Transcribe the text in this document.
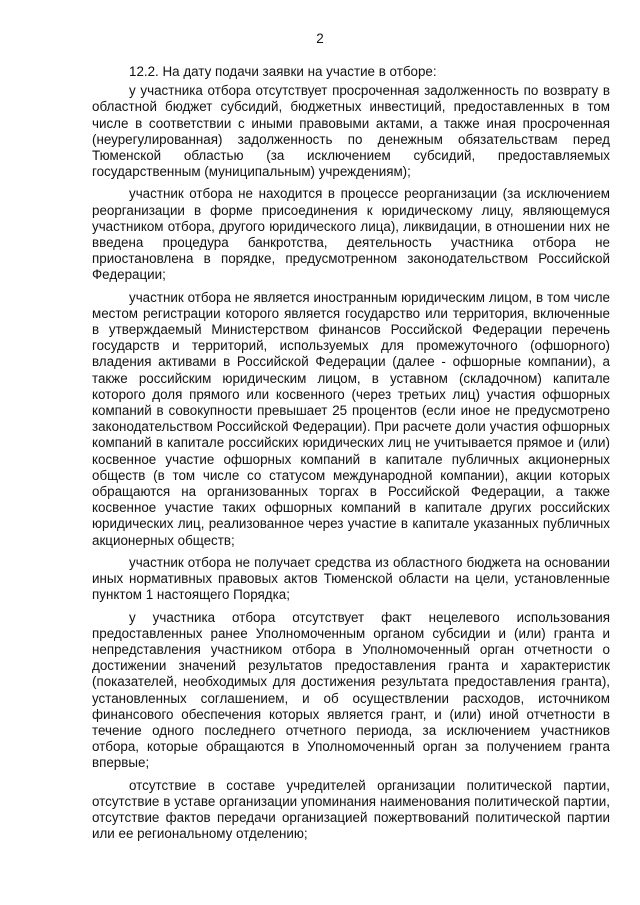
2

12.2. На дату подачи заявки на участие в отборе:

у участника отбора отсутствует просроченная задолженность по возврату в областной бюджет субсидий, бюджетных инвестиций, предоставленных в том числе в соответствии с иными правовыми актами, а также иная просроченная (неурегулированная) задолженность по денежным обязательствам перед Тюменской областью (за исключением субсидий, предоставляемых государственным (муниципальным) учреждениям);

участник отбора не находится в процессе реорганизации (за исключением реорганизации в форме присоединения к юридическому лицу, являющемуся участником отбора, другого юридического лица), ликвидации, в отношении них не введена процедура банкротства, деятельность участника отбора не приостановлена в порядке, предусмотренном законодательством Российской Федерации;

участник отбора не является иностранным юридическим лицом, в том числе местом регистрации которого является государство или территория, включенные в утверждаемый Министерством финансов Российской Федерации перечень государств и территорий, используемых для промежуточного (офшорного) владения активами в Российской Федерации (далее - офшорные компании), а также российским юридическим лицом, в уставном (складочном) капитале которого доля прямого или косвенного (через третьих лиц) участия офшорных компаний в совокупности превышает 25 процентов (если иное не предусмотрено законодательством Российской Федерации). При расчете доли участия офшорных компаний в капитале российских юридических лиц не учитывается прямое и (или) косвенное участие офшорных компаний в капитале публичных акционерных обществ (в том числе со статусом международной компании), акции которых обращаются на организованных торгах в Российской Федерации, а также косвенное участие таких офшорных компаний в капитале других российских юридических лиц, реализованное через участие в капитале указанных публичных акционерных обществ;

участник отбора не получает средства из областного бюджета на основании иных нормативных правовых актов Тюменской области на цели, установленные пунктом 1 настоящего Порядка;

у участника отбора отсутствует факт нецелевого использования предоставленных ранее Уполномоченным органом субсидии и (или) гранта и непредставления участником отбора в Уполномоченный орган отчетности о достижении значений результатов предоставления гранта и характеристик (показателей, необходимых для достижения результата предоставления гранта), установленных соглашением, и об осуществлении расходов, источником финансового обеспечения которых является грант, и (или) иной отчетности в течение одного последнего отчетного периода, за исключением участников отбора, которые обращаются в Уполномоченный орган за получением гранта впервые;

отсутствие в составе учредителей организации политической партии, отсутствие в уставе организации упоминания наименования политической партии, отсутствие фактов передачи организацией пожертвований политической партии или ее региональному отделению;
